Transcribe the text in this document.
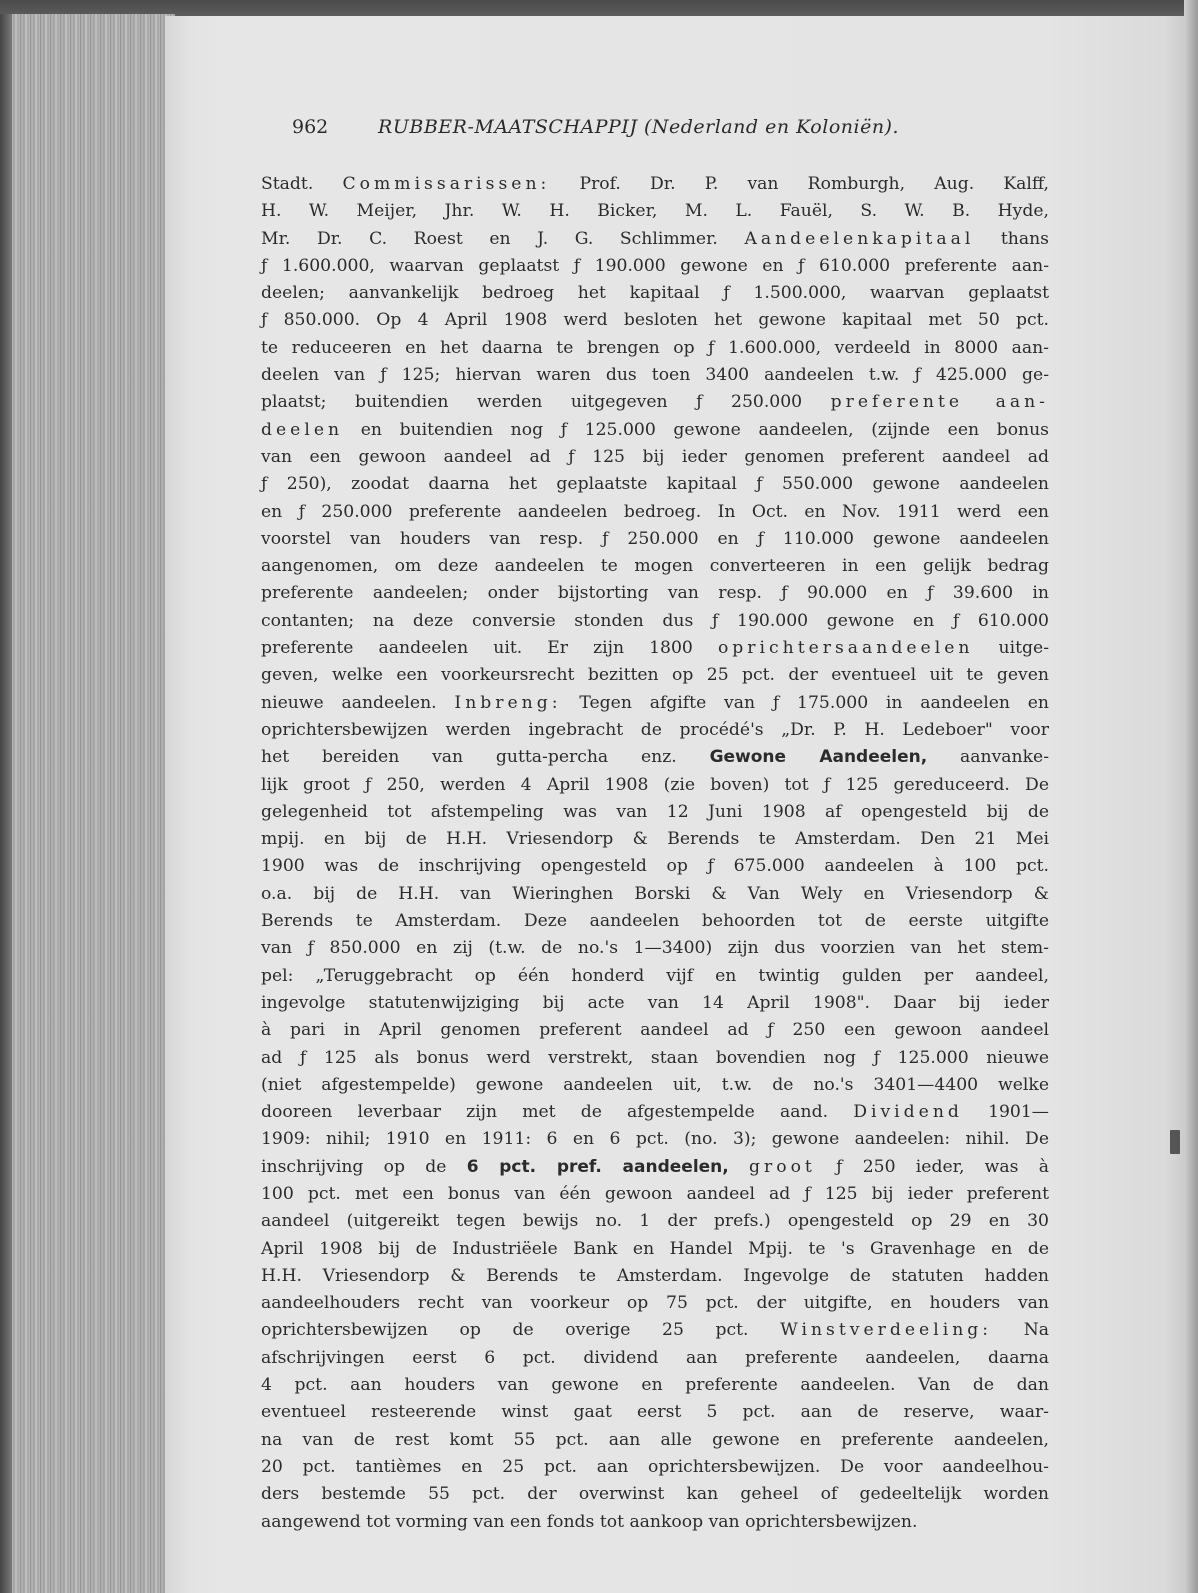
962	RUBBER-MAATSCHAPPIJ (Nederland en Koloniën).
Stadt. Commissarissen: Prof. Dr. P. van Romburgh, Aug. Kalff,
H. W. Meijer, Jhr. W. H. Bicker, M. L. Fauël, S. W. B. Hyde,
Mr. Dr. C. Roest en J. G. Schlimmer. Aandeelenkapitaal thans
ƒ 1.600.000, waarvan geplaatst ƒ 190.000 gewone en ƒ 610.000 preferente aan-
deelen; aanvankelijk bedroeg het kapitaal ƒ 1.500.000, waarvan geplaatst
ƒ 850.000. Op 4 April 1908 werd besloten het gewone kapitaal met 50 pct.
te reduceeren en het daarna te brengen op ƒ 1.600.000, verdeeld in 8000 aan-
deelen van ƒ 125; hiervan waren dus toen 3400 aandeelen t.w. ƒ 425.000 ge-
plaatst; buitendien werden uitgegeven ƒ 250.000 preferente aan-
deelen en buitendien nog ƒ 125.000 gewone aandeelen, (zijnde een bonus
van een gewoon aandeel ad ƒ 125 bij ieder genomen preferent aandeel ad
ƒ 250), zoodat daarna het geplaatste kapitaal ƒ 550.000 gewone aandeelen
en ƒ 250.000 preferente aandeelen bedroeg. In Oct. en Nov. 1911 werd een
voorstel van houders van resp. ƒ 250.000 en ƒ 110.000 gewone aandeelen
aangenomen, om deze aandeelen te mogen converteeren in een gelijk bedrag
preferente aandeelen; onder bijstorting van resp. ƒ 90.000 en ƒ 39.600 in
contanten; na deze conversie stonden dus ƒ 190.000 gewone en ƒ 610.000
preferente aandeelen uit. Er zijn 1800 oprichtersaandeelen uitge-
geven, welke een voorkeursrecht bezitten op 25 pct. der eventueel uit te geven
nieuwe aandeelen. Inbreng: Tegen afgifte van ƒ 175.000 in aandeelen en
oprichtersbewijzen werden ingebracht de procédé's „Dr. P. H. Ledeboer" voor
het bereiden van gutta-percha enz. Gewone Aandeelen, aanvanke-
lijk groot ƒ 250, werden 4 April 1908 (zie boven) tot ƒ 125 gereduceerd. De
gelegenheid tot afstempeling was van 12 Juni 1908 af opengesteld bij de
mpij. en bij de H.H. Vriesendorp & Berends te Amsterdam. Den 21 Mei
1900 was de inschrijving opengesteld op ƒ 675.000 aandeelen à 100 pct.
o.a. bij de H.H. van Wieringhen Borski & Van Wely en Vriesendorp &
Berends te Amsterdam. Deze aandeelen behoorden tot de eerste uitgifte
van ƒ 850.000 en zij (t.w. de no.'s 1—3400) zijn dus voorzien van het stem-
pel: „Teruggebracht op één honderd vijf en twintig gulden per aandeel,
ingevolge statutenwijziging bij acte van 14 April 1908". Daar bij ieder
à pari in April genomen preferent aandeel ad ƒ 250 een gewoon aandeel
ad ƒ 125 als bonus werd verstrekt, staan bovendien nog ƒ 125.000 nieuwe
(niet afgestempelde) gewone aandeelen uit, t.w. de no.'s 3401—4400 welke
dooreen leverbaar zijn met de afgestempelde aand. Dividend 1901—
1909: nihil; 1910 en 1911: 6 en 6 pct. (no. 3); gewone aandeelen: nihil. De
inschrijving op de 6 pct. pref. aandeelen, groot ƒ 250 ieder, was à
100 pct. met een bonus van één gewoon aandeel ad ƒ 125 bij ieder preferent
aandeel (uitgereikt tegen bewijs no. 1 der prefs.) opengesteld op 29 en 30
April 1908 bij de Industriëele Bank en Handel Mpij. te 's Gravenhage en de
H.H. Vriesendorp & Berends te Amsterdam. Ingevolge de statuten hadden
aandeelhouders recht van voorkeur op 75 pct. der uitgifte, en houders van
oprichtersbewijzen op de overige 25 pct. Winstverdeeling: Na
afschrijvingen eerst 6 pct. dividend aan preferente aandeelen, daarna
4 pct. aan houders van gewone en preferente aandeelen. Van de dan
eventueel resteerende winst gaat eerst 5 pct. aan de reserve, waar-
na van de rest komt 55 pct. aan alle gewone en preferente aandeelen,
20 pct. tantièmes en 25 pct. aan oprichtersbewijzen. De voor aandeelhou-
ders bestemde 55 pct. der overwinst kan geheel of gedeeltelijk worden
aangewend tot vorming van een fonds tot aankoop van oprichtersbewijzen.
